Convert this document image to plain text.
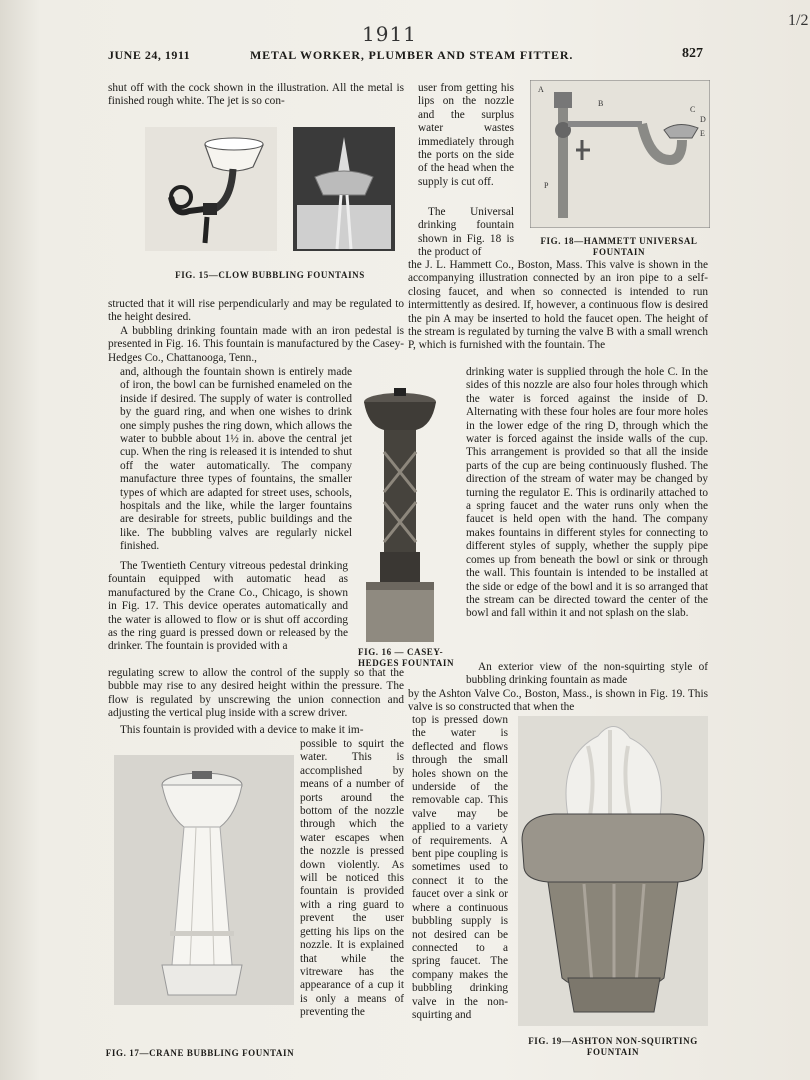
1911
1/2
JUNE 24, 1911	METAL WORKER, PLUMBER AND STEAM FITTER.	827

shut off with the cock shown in the illustration. All the metal is finished rough white. The jet is so con-

FIG. 15—CLOW BUBBLING FOUNTAINS

structed that it will rise perpendicularly and may be regulated to the height desired.

A bubbling drinking fountain made with an iron pedestal is presented in Fig. 16. This fountain is manufactured by the Casey-Hedges Co., Chattanooga, Tenn.,

and, although the fountain shown is entirely made of iron, the bowl can be furnished enameled on the inside if desired. The supply of water is controlled by the guard ring, and when one wishes to drink one simply pushes the ring down, which allows the water to bubble about 1½ in. above the central jet cup. When the ring is released it is intended to shut off the water automatically. The company manufacture three types of fountains, the smaller types of which are adapted for street uses, schools, hospitals and the like, while the larger fountains are desirable for streets, public buildings and the like. The bubbling valves are regularly nickel finished.

FIG. 16 — CASEY-HEDGES FOUNTAIN

The Twentieth Century vitreous pedestal drinking fountain equipped with automatic head as manufactured by the Crane Co., Chicago, is shown in Fig. 17. This device operates automatically and the water is allowed to flow or is shut off according as the ring guard is pressed down or released by the drinker. The fountain is provided with a

regulating screw to allow the control of the supply so that the bubble may rise to any desired height within the pressure. The flow is regulated by unscrewing the union connection and adjusting the vertical plug inside with a screw driver.

This fountain is provided with a device to make it im-

possible to squirt the water. This is accomplished by means of a number of ports around the bottom of the nozzle through which the water escapes when the nozzle is pressed down violently. As will be noticed this fountain is provided with a ring guard to prevent the user getting his lips on the nozzle. It is explained that while the vitreware has the appearance of a cup it is only a means of preventing the

FIG. 17—CRANE BUBBLING FOUNTAIN

user from getting his lips on the nozzle and the surplus water wastes immediately through the ports on the side of the head when the supply is cut off.

A
B
C
D
E
P
FIG. 18—HAMMETT UNIVERSAL FOUNTAIN

The Universal drinking fountain shown in Fig. 18 is the product of

the J. L. Hammett Co., Boston, Mass. This valve is shown in the accompanying illustration connected by an iron pipe to a self-closing faucet, and when so connected is intended to run intermittently as desired. If, however, a continuous flow is desired the pin A may be inserted to hold the faucet open. The height of the stream is regulated by turning the valve B with a small wrench P, which is furnished with the fountain. The

drinking water is supplied through the hole C. In the sides of this nozzle are also four holes through which the water is forced against the inside of D. Alternating with these four holes are four more holes in the lower edge of the ring D, through which the water is forced against the inside walls of the cup. This arrangement is provided so that all the inside parts of the cup are being continuously flushed. The direction of the stream of water may be changed by turning the regulator E. This is ordinarily attached to a spring faucet and the water runs only when the faucet is held open with the hand. The company makes fountains in different styles for connecting to different styles of supply, whether the supply pipe comes up from beneath the bowl or sink or through the wall. This fountain is intended to be installed at the side or edge of the bowl and it is so arranged that the stream can be directed toward the center of the bowl and fall within it and not splash on the slab.

An exterior view of the non-squirting style of bubbling drinking fountain as made

by the Ashton Valve Co., Boston, Mass., is shown in Fig. 19. This valve is so constructed that when the

top is pressed down the water is deflected and flows through the small holes shown on the underside of the removable cap. This valve may be applied to a variety of requirements. A bent pipe coupling is sometimes used to connect it to the faucet over a sink or where a continuous bubbling supply is not desired can be connected to a spring faucet. The company makes the bubbling drinking valve in the non-squirting and

FIG. 19—ASHTON NON-SQUIRTING FOUNTAIN
